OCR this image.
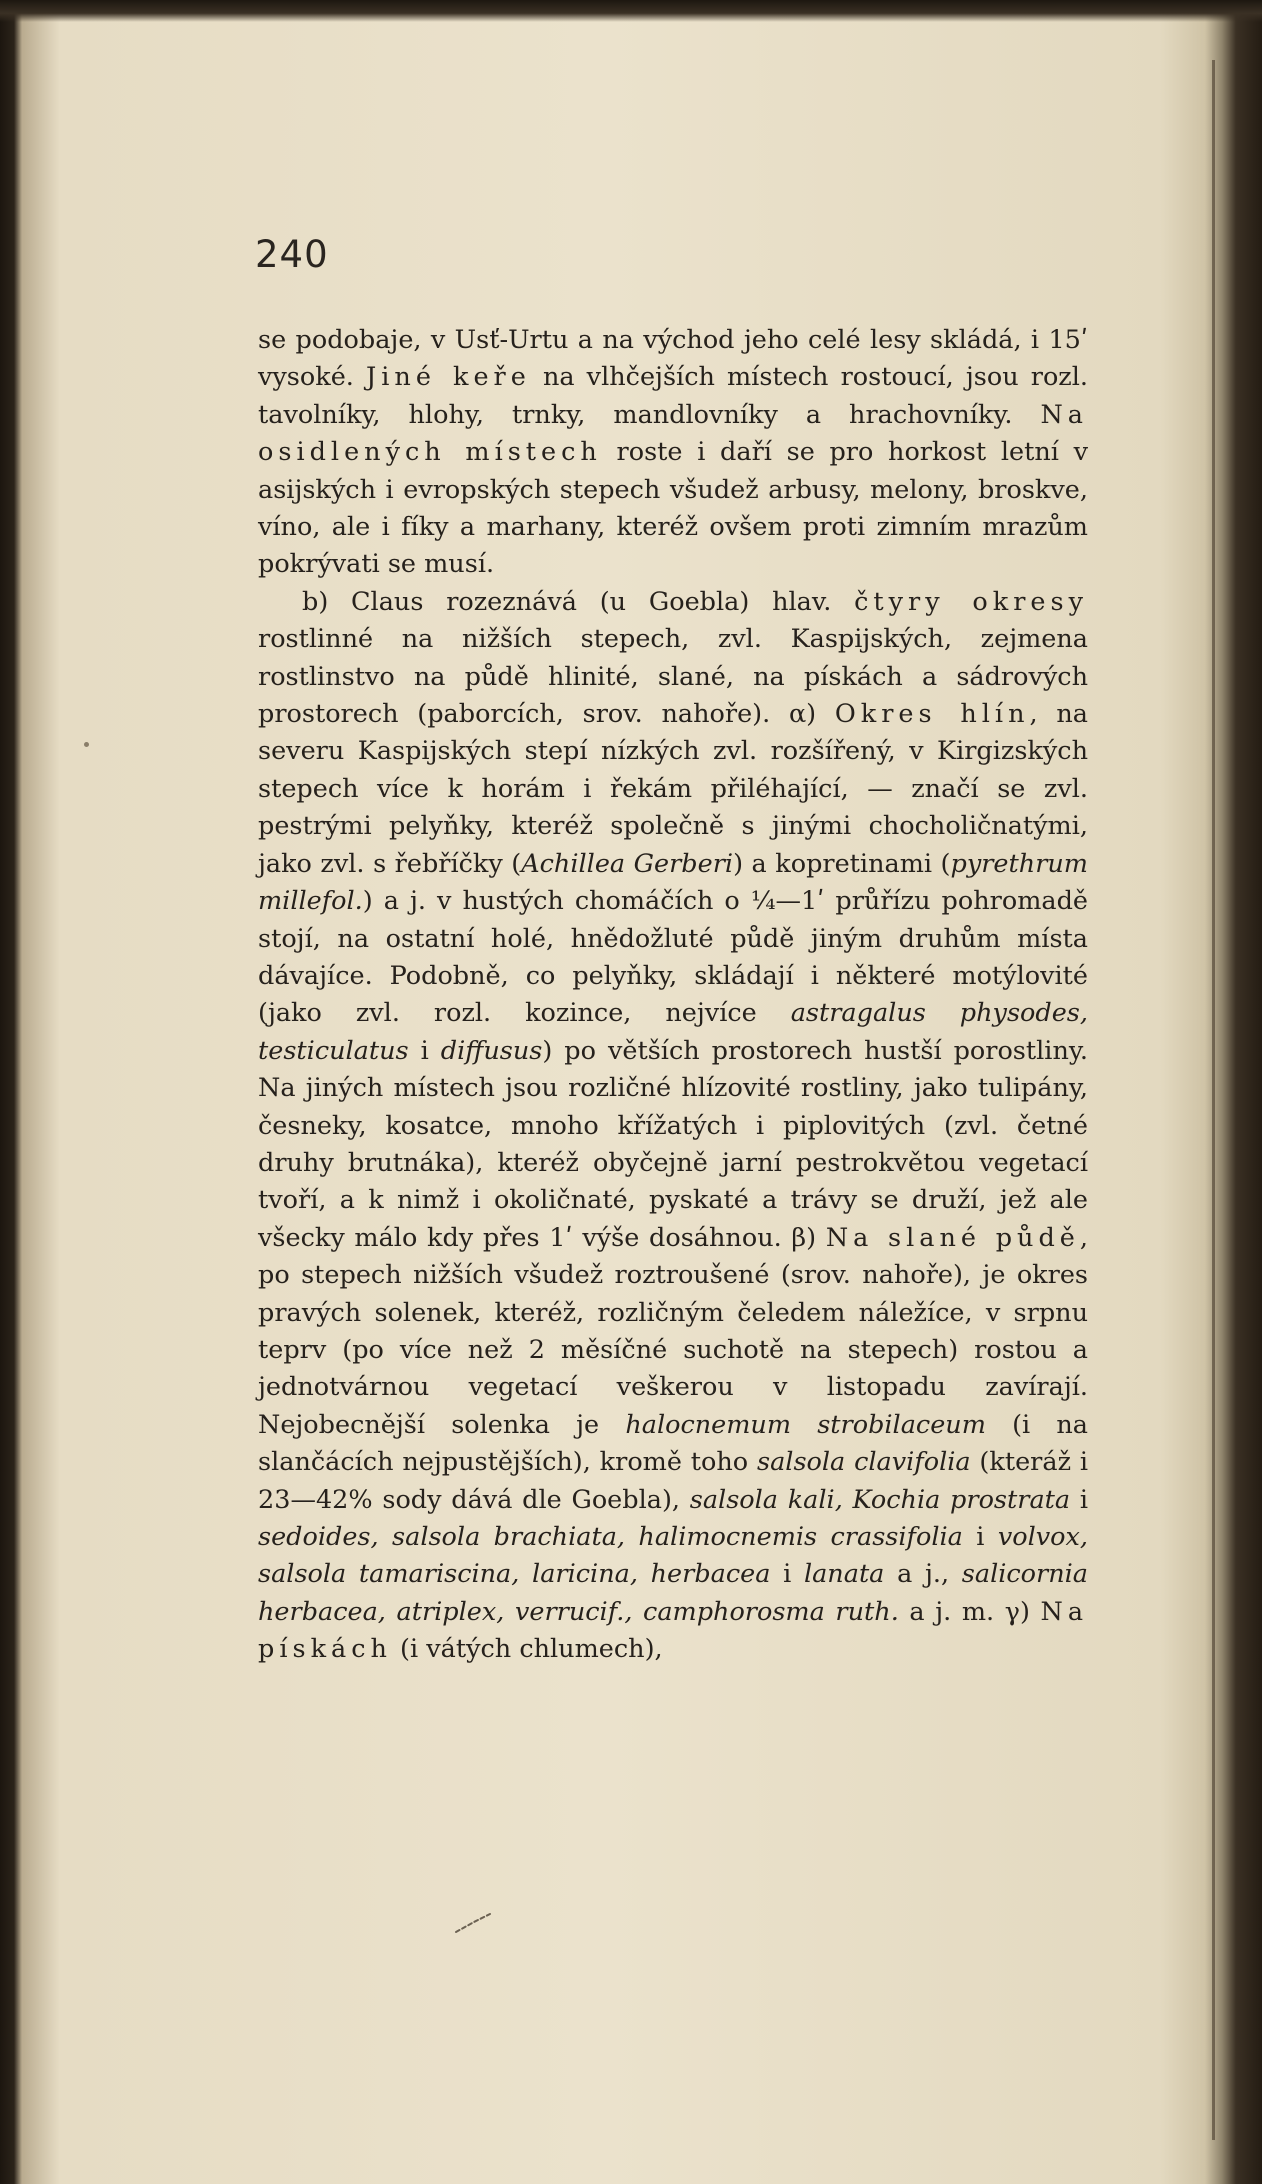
240

se podobaje, v Usť-Urtu a na východ jeho celé lesy skládá, i 15ʹ vysoké. Jiné keře na vlhčejších místech rostoucí, jsou rozl. tavolníky, hlohy, trnky, mandlovníky a hrachovníky. Na osidlených místech roste i daří se pro horkost letní v asijských i evropských stepech všudež arbusy, melony, broskve, víno, ale i fíky a marhany, kteréž ovšem proti zimním mrazům pokrývati se musí.

b) Claus rozeznává (u Goebla) hlav. čtyry okresy rostlinné na nižších stepech, zvl. Kaspijských, zejmena rostlinstvo na půdě hlinité, slané, na pískách a sádrových prostorech (paborcích, srov. nahoře). α) Okres hlín, na severu Kaspijských stepí nízkých zvl. rozšířený, v Kirgizských stepech více k horám i řekám přiléhající, — značí se zvl. pestrými pelyňky, kteréž společně s jinými chocholičnatými, jako zvl. s řebříčky (Achillea Gerberi) a kopretinami (pyrethrum millefol.) a j. v hustých chomáčích o ¼—1ʹ průřízu pohromadě stojí, na ostatní holé, hnědožluté půdě jiným druhům místa dávajíce. Podobně, co pelyňky, skládají i některé motýlovité (jako zvl. rozl. kozince, nejvíce astragalus physodes, testiculatus i diffusus) po větších prostorech hustší porostliny. Na jiných místech jsou rozličné hlízovité rostliny, jako tulipány, česneky, kosatce, mnoho křížatých i piplovitých (zvl. četné druhy brutnáka), kteréž obyčejně jarní pestrokvětou vegetací tvoří, a k nimž i okoličnaté, pyskaté a trávy se druží, jež ale všecky málo kdy přes 1ʹ výše dosáhnou. β) Na slané půdě, po stepech nižších všudež roztroušené (srov. nahoře), je okres pravých solenek, kteréž, rozličným čeledem náležíce, v srpnu teprv (po více než 2 měsíčné suchotě na stepech) rostou a jednotvárnou vegetací veškerou v listopadu zavírají. Nejobecnější solenka je halocnemum strobilaceum (i na slančácích nejpustějších), kromě toho salsola clavifolia (kteráž i 23—42% sody dává dle Goebla), salsola kali, Kochia prostrata i sedoides, salsola brachiata, halimocnemis crassifolia i volvox, salsola tamariscina, laricina, herbacea i lanata a j., salicornia herbacea, atriplex, verrucif., camphorosma ruth. a j. m. γ) Na pískách (i vátých chlumech),
